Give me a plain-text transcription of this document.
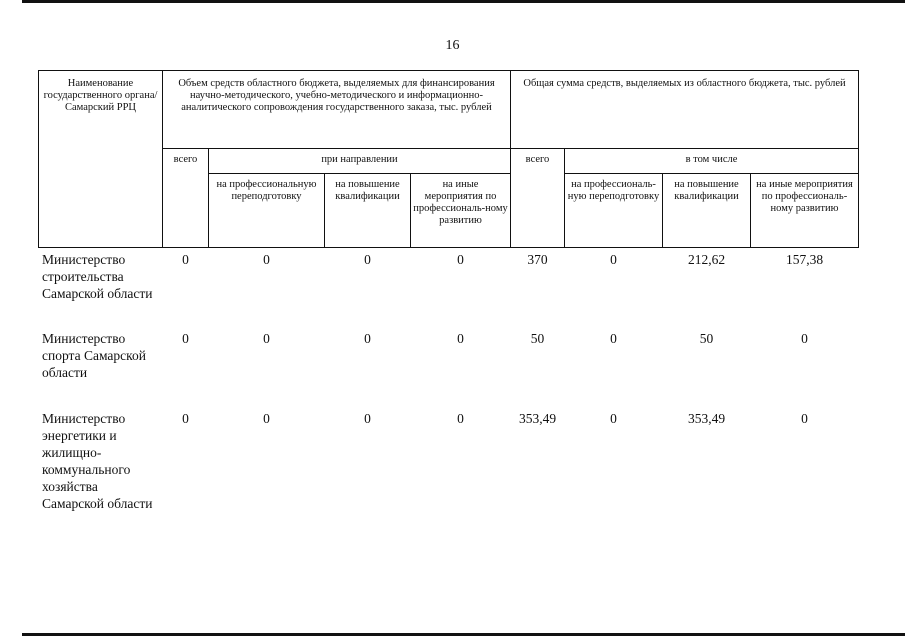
16
Наименование государственного органа/Самарский РРЦ	Объем средств областного бюджета, выделяемых для финансирования научно-методического, учебно-методического и информационно-аналитического сопровождения государственного заказа, тыс. рублей				Общая сумма средств, выделяемых из областного бюджета, тыс. рублей			
	всего	при направлении			всего	в том числе		
		на профессиональную переподготовку	на повышение квалификации	на иные мероприятия по профессиональ-ному развитию		на профессиональ-ную переподготовку	на повышение квалификации	на иные мероприятия по профессиональ-ному развитию
Министерство строительства Самарской области	0	0	0	0	370	0	212,62	157,38
Министерство спорта Самарской области	0	0	0	0	50	0	50	0
Министерство энергетики и жилищно-коммунального хозяйства Самарской области	0	0	0	0	353,49	0	353,49	0
